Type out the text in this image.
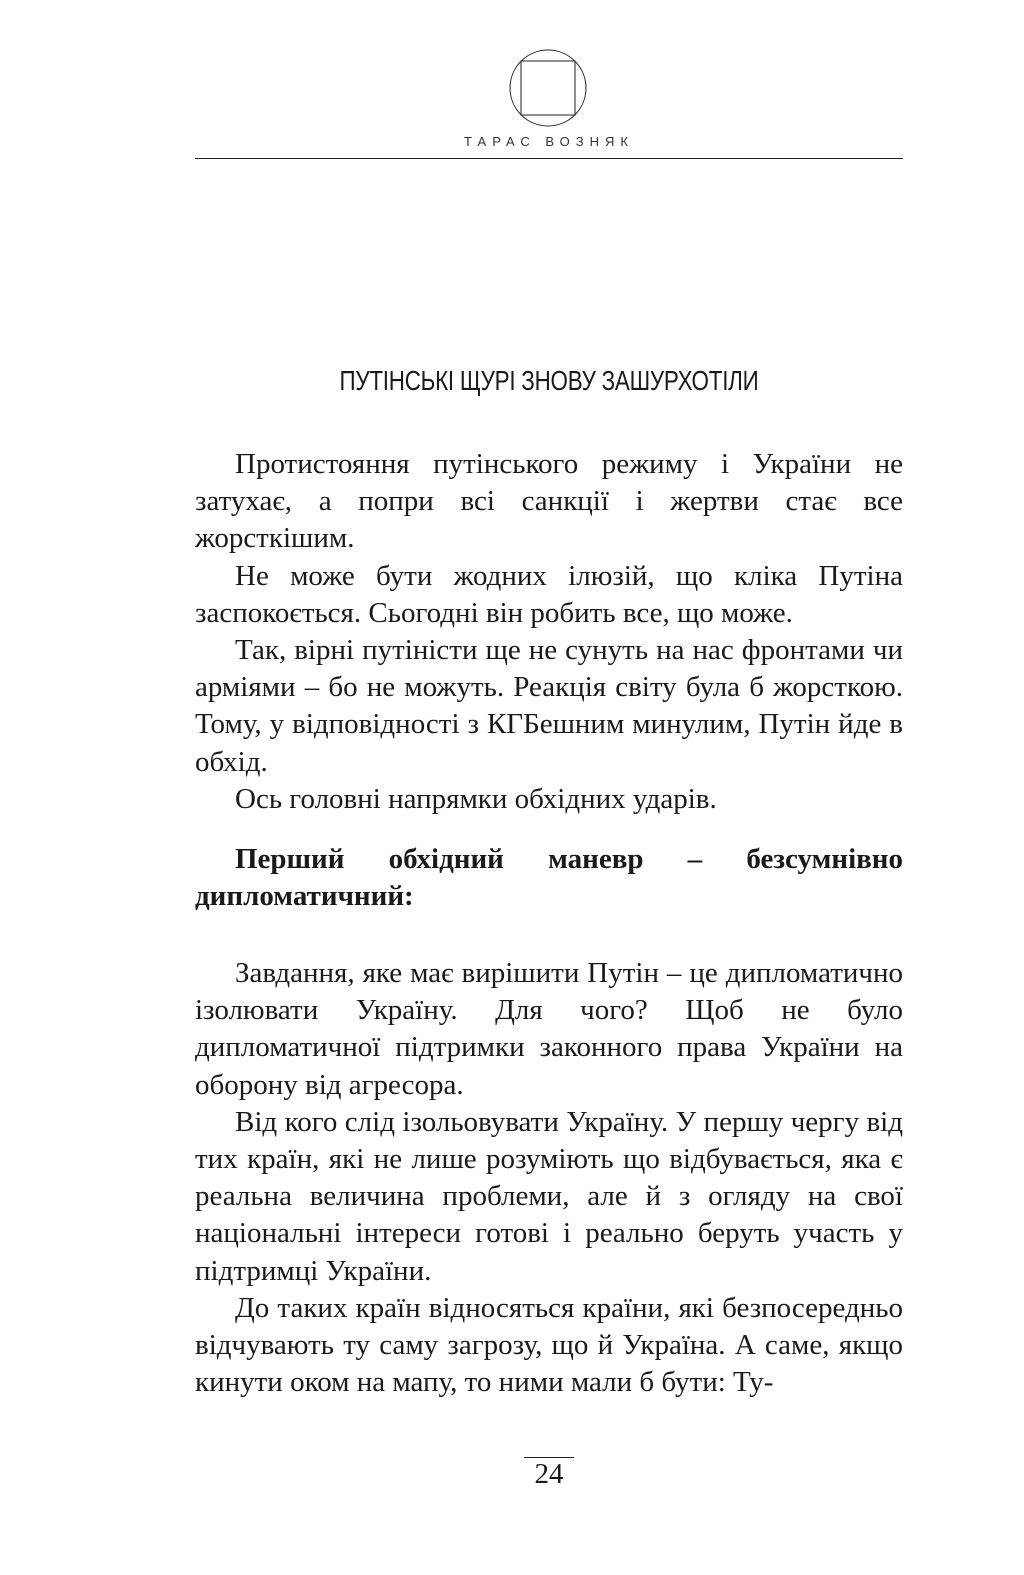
ТАРАС ВОЗНЯК
ПУТІНСЬКІ ЩУРІ ЗНОВУ ЗАШУРХОТІЛИ

Протистояння путінського режиму і України не затухає, а попри всі санкції і жертви стає все жорсткішим.

Не може бути жодних ілюзій, що кліка Путіна заспокоється. Сьогодні він робить все, що може.

Так, вірні путіністи ще не сунуть на нас фронтами чи арміями – бо не можуть. Реакція світу була б жорсткою. Тому, у відповідності з КГБешним минулим, Путін йде в обхід.

Ось головні напрямки обхідних ударів.

Перший обхідний маневр – безсумнівно дипломатичний:

Завдання, яке має вирішити Путін – це дипломатично ізолювати Україну. Для чого? Щоб не було дипломатичної підтримки законного права України на оборону від агресора.

Від кого слід ізольовувати Україну. У першу чергу від тих країн, які не лише розуміють що відбувається, яка є реальна величина проблеми, але й з огляду на свої національні інтереси готові і реально беруть участь у підтримці України.

До таких країн відносяться країни, які безпосередньо відчувають ту саму загрозу, що й Україна. А саме, якщо кинути оком на мапу, то ними мали б бути: Ту-

24
